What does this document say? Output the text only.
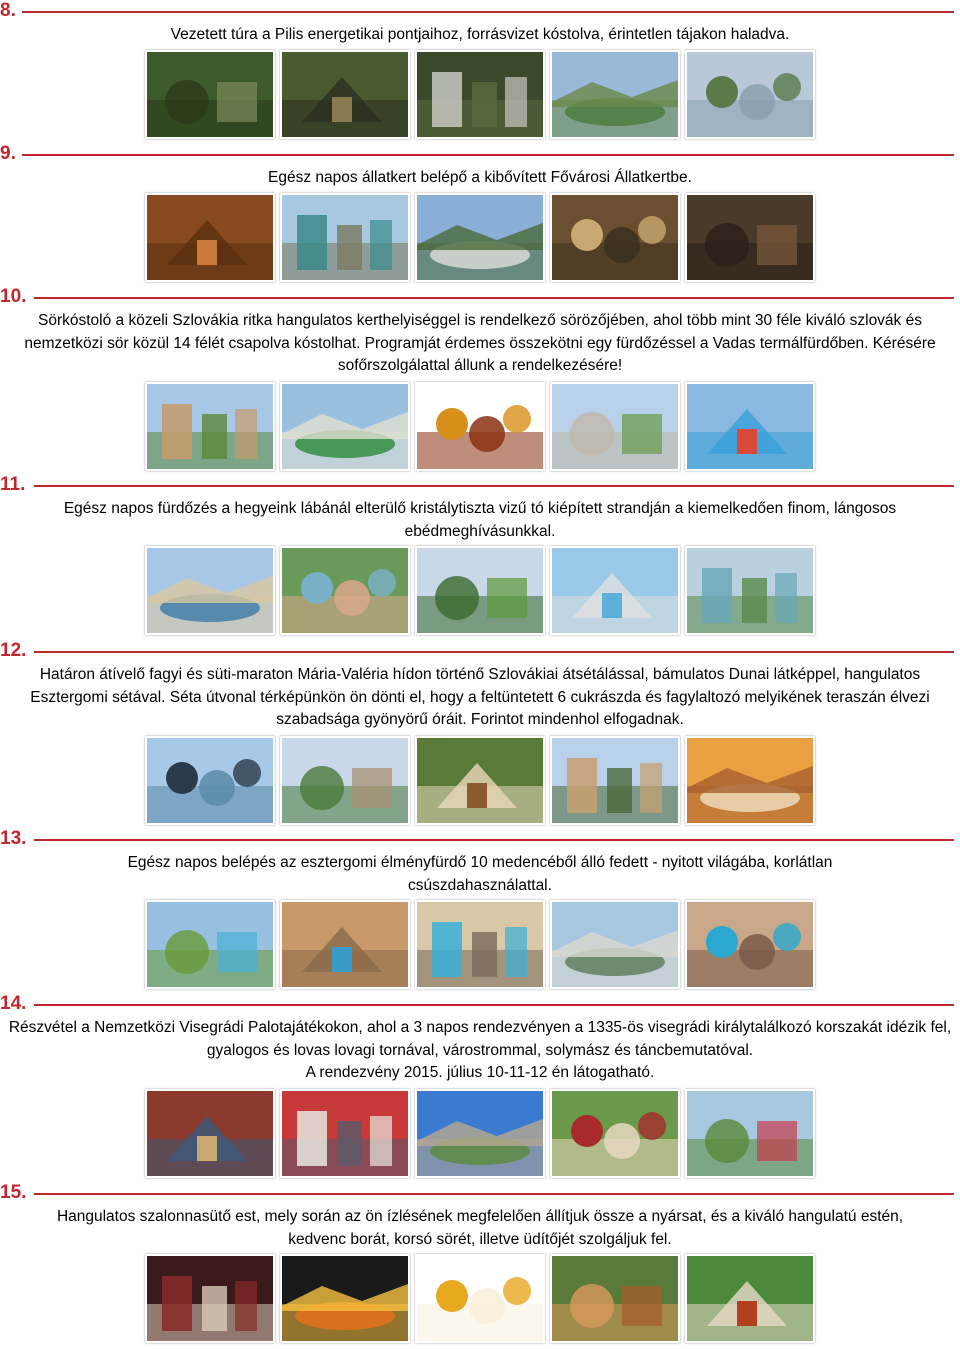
8.
Vezetett túra a Pilis energetikai pontjaihoz, forrásvizet kóstolva, érintetlen tájakon haladva.
9.
Egész napos állatkert belépő a kibővített Fővárosi Állatkertbe.
10.
Sörkóstoló a közeli Szlovákia ritka hangulatos kerthelyiséggel is rendelkező sörözőjében, ahol több mint 30 féle kiváló szlovák és nemzetközi sör közül 14 félét csapolva kóstolhat. Programját érdemes összekötni egy fürdőzéssel a Vadas termálfürdőben. Kérésére sofőrszolgálattal állunk a rendelkezésére!
11.
Egész napos fürdőzés a hegyeink lábánál elterülő kristálytiszta vizű tó kiépített strandján a kiemelkedően finom, lángosos ebédmeghívásunkkal.
12.
Határon átívelő fagyi és süti-maraton Mária-Valéria hídon történő Szlovákiai átsétálással, bámulatos Dunai látképpel, hangulatos Esztergomi sétával. Séta útvonal térképünkön ön dönti el, hogy a feltüntetett 6 cukrászda és fagylaltozó melyikének teraszán élvezi szabadsága gyönyörű óráit. Forintot mindenhol elfogadnak.
13.
Egész napos belépés az esztergomi élményfürdő 10 medencéből álló fedett - nyitott világába, korlátlan csúszdahasználattal.
14.
Részvétel a Nemzetközi Visegrádi Palotajátékokon, ahol a 3 napos rendezvényen a 1335-ös visegrádi királytalálkozó korszakát idézik fel, gyalogos és lovas lovagi tornával, várostrommal, solymász és táncbemutatóval.
A rendezvény 2015. július 10-11-12 én látogatható.
15.
Hangulatos szalonnasütő est, mely során az ön ízlésének megfelelően állítjuk össze a nyársat, és a kiváló hangulatú estén, kedvenc borát, korsó sörét, illetve üdítőjét szolgáljuk fel.
